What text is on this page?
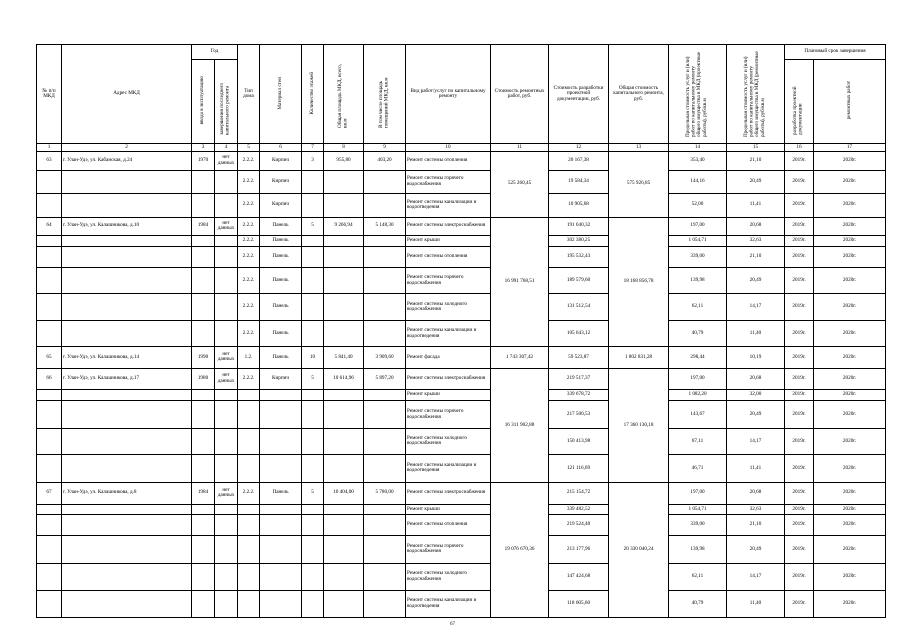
№ п/п МКД	Адрес МКД	Год		Тип дома	Материал стен	Количество этажей	Общая площадь МКД, всего, кв.м	В том числе площадь помещений МКД, кв.м	Вид работ/услуг по капитальному ремонту	Стоимость ремонтных работ, руб.	Стоимость разработки проектной документации, руб.	Общая стоимость капитального ремонта, руб.	Предельная стоимость услуг и (или) работ по капитальному ремонту общего имущества в МКД (проектные работы), руб/кв.м	Предельная стоимость услуг и (или) работ по капитальному ремонту общего имущества в МКД (ремонтные работы), руб/кв.м	Плановый срок завершения	
		ввода в эксплуатацию	завершения последнего капитального ремонта												разработка проектной документации	ремонтных работ
1	2	3	4	5	6	7	8	9	10	11	12	13	14	15	16	17
63	г. Улан-Удэ, ул. Кабанская, д.24	1970	нет данных	2.2.2.	Кирпич	3	955,80	403,20	Ремонт системы отопления	525 260,45	20 167,38	575 926,85	353,40	21,10	2019г.	2020г.
				2.2.2.	Кирпич				Ремонт системы горячего водоснабжения		19 584,34		144,16	20,49	2019г.	2020г.
				2.2.2.	Кирпич				Ремонт системы канализации и водоотведения		10 905,68		52,00	11,41	2019г.	2020г.
64	г. Улан-Удэ, ул. Калашникова, д.10	1984	нет данных	2.2.2.	Панель	5	9 266,94	5 148,30	Ремонт системы электроснабжения	16 991 768,51	191 640,32	18 168 856,78	197,00	20,68	2019г.	2020г.
				2.2.2.	Панель				Ремонт крыши		302 380,25		1 054,71	32,63	2019г.	2020г.
				2.2.2.	Панель				Ремонт системы отопления		195 532,43		339,00	21,10	2019г.	2020г.
				2.2.2.	Панель				Ремонт системы горячего водоснабжения		189 579,60		139,98	20,49	2019г.	2020г.
				2.2.2.	Панель				Ремонт системы холодного водоснабжения		131 512,54		62,11	14,17	2019г.	2020г.
				2.2.2.	Панель				Ремонт системы канализации и водоотведения		105 643,12		40,79	11,40	2019г.	2020г.
65	г. Улан-Удэ, ул. Калашникова, д.14	1990	нет данных	1.2.	Панель	10	5 841,40	3 909,60	Ремонт фасада	1 743 307,42	59 523,87	1 802 831,28	298,44	10,19	2019г.	2020г.
66	г. Улан-Удэ, ул. Калашникова, д.17	1980	нет данных	2.2.2.	Кирпич	5	10 614,96	5 897,20	Ремонт системы электроснабжения	16 311 902,88	219 517,37	17 360 130,18	197,00	20,68	2019г.	2020г.
									Ремонт крыши		339 678,72		1 082,20	32,00	2019г.	2020г.
									Ремонт системы горячего водоснабжения		217 500,53		143,67	20,49	2019г.	2020г.
									Ремонт системы холодного водоснабжения		150 413,98		67,11	14,17	2019г.	2020г.
									Ремонт системы канализации и водоотведения		121 116,69		46,71	11,41	2019г.	2020г.
67	г. Улан-Удэ, ул. Калашникова, д.8	1984	нет данных	2.2.2.	Панель	5	10 404,00	5 780,00	Ремонт системы электроснабжения	19 076 670,36	215 154,72	20 330 040,24	197,00	20,68	2019г.	2020г.
									Ремонт крыши		339 482,52		1 054,71	32,63	2019г.	2020г.
									Ремонт системы отопления		219 524,40		339,00	21,10	2019г.	2020г.
									Ремонт системы горячего водоснабжения		213 177,96		139,98	20,49	2019г.	2020г.
									Ремонт системы холодного водоснабжения		147 424,68		62,11	14,17	2019г.	2020г.
									Ремонт системы канализации и водоотведения		118 605,60		40,79	11,40	2019г.	2020г.
67
